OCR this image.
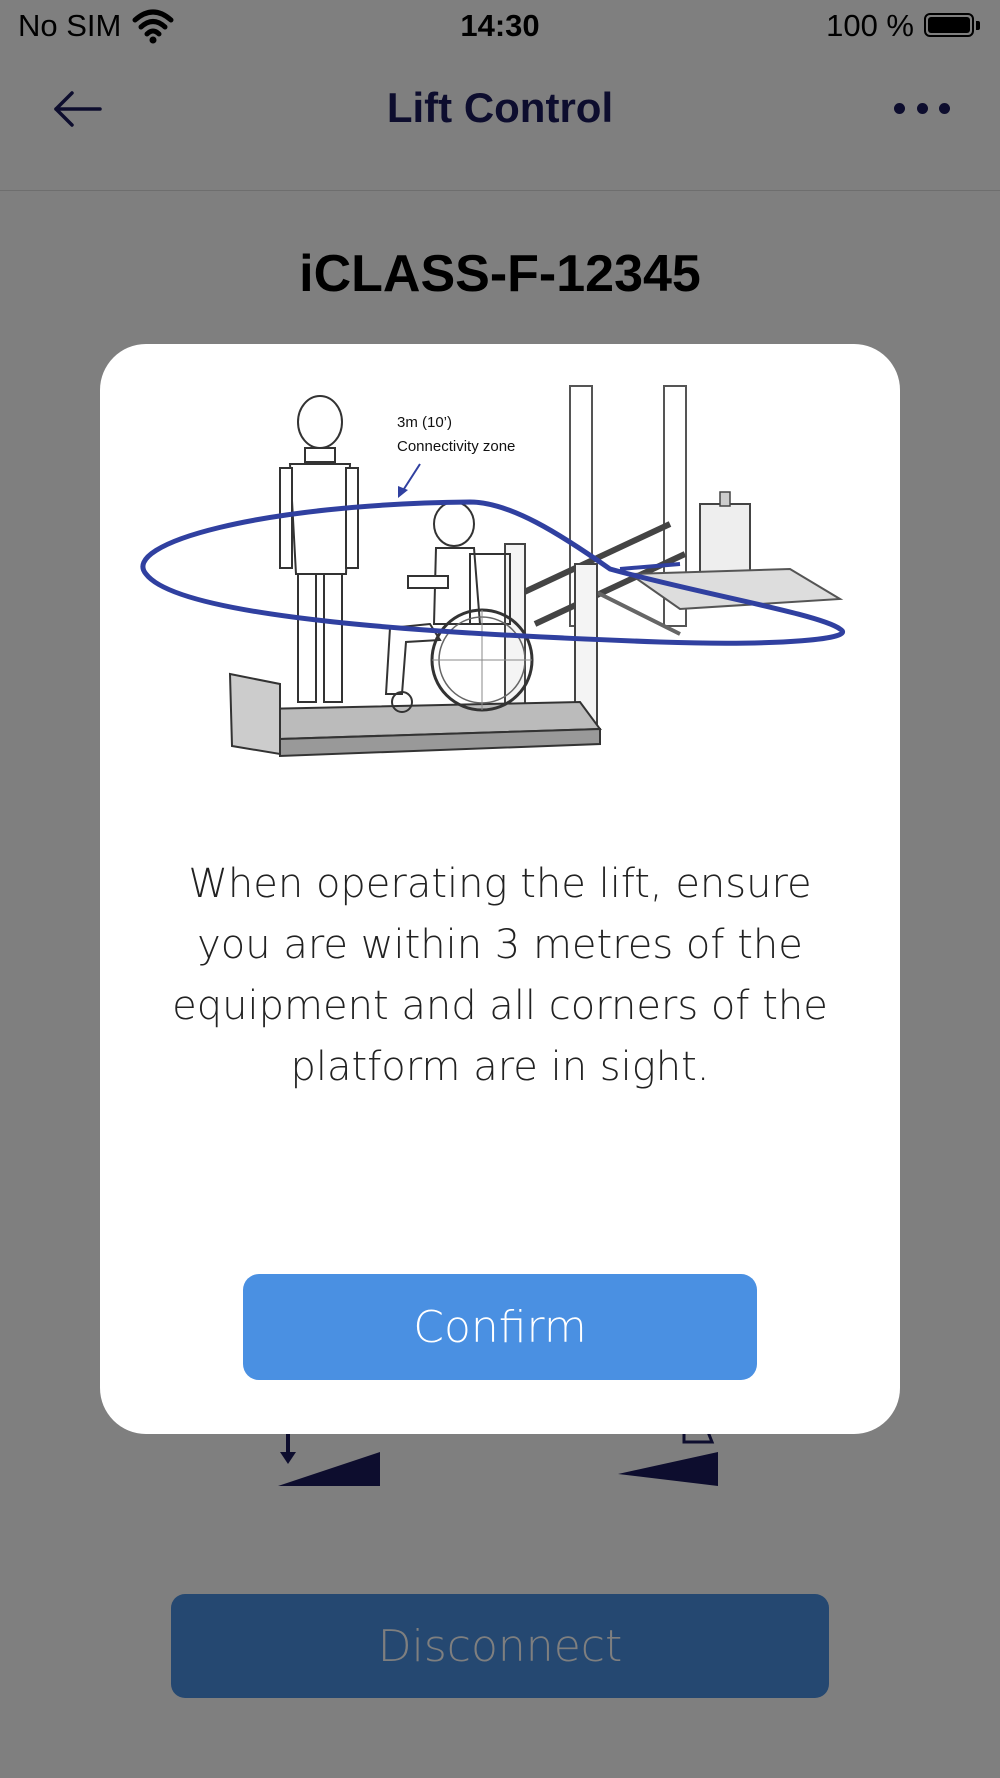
3m (10’)
Connectivity zone
When operating the lift, ensure you are within 3 metres of the equipment and all corners of the platform are in sight.
Confirm
